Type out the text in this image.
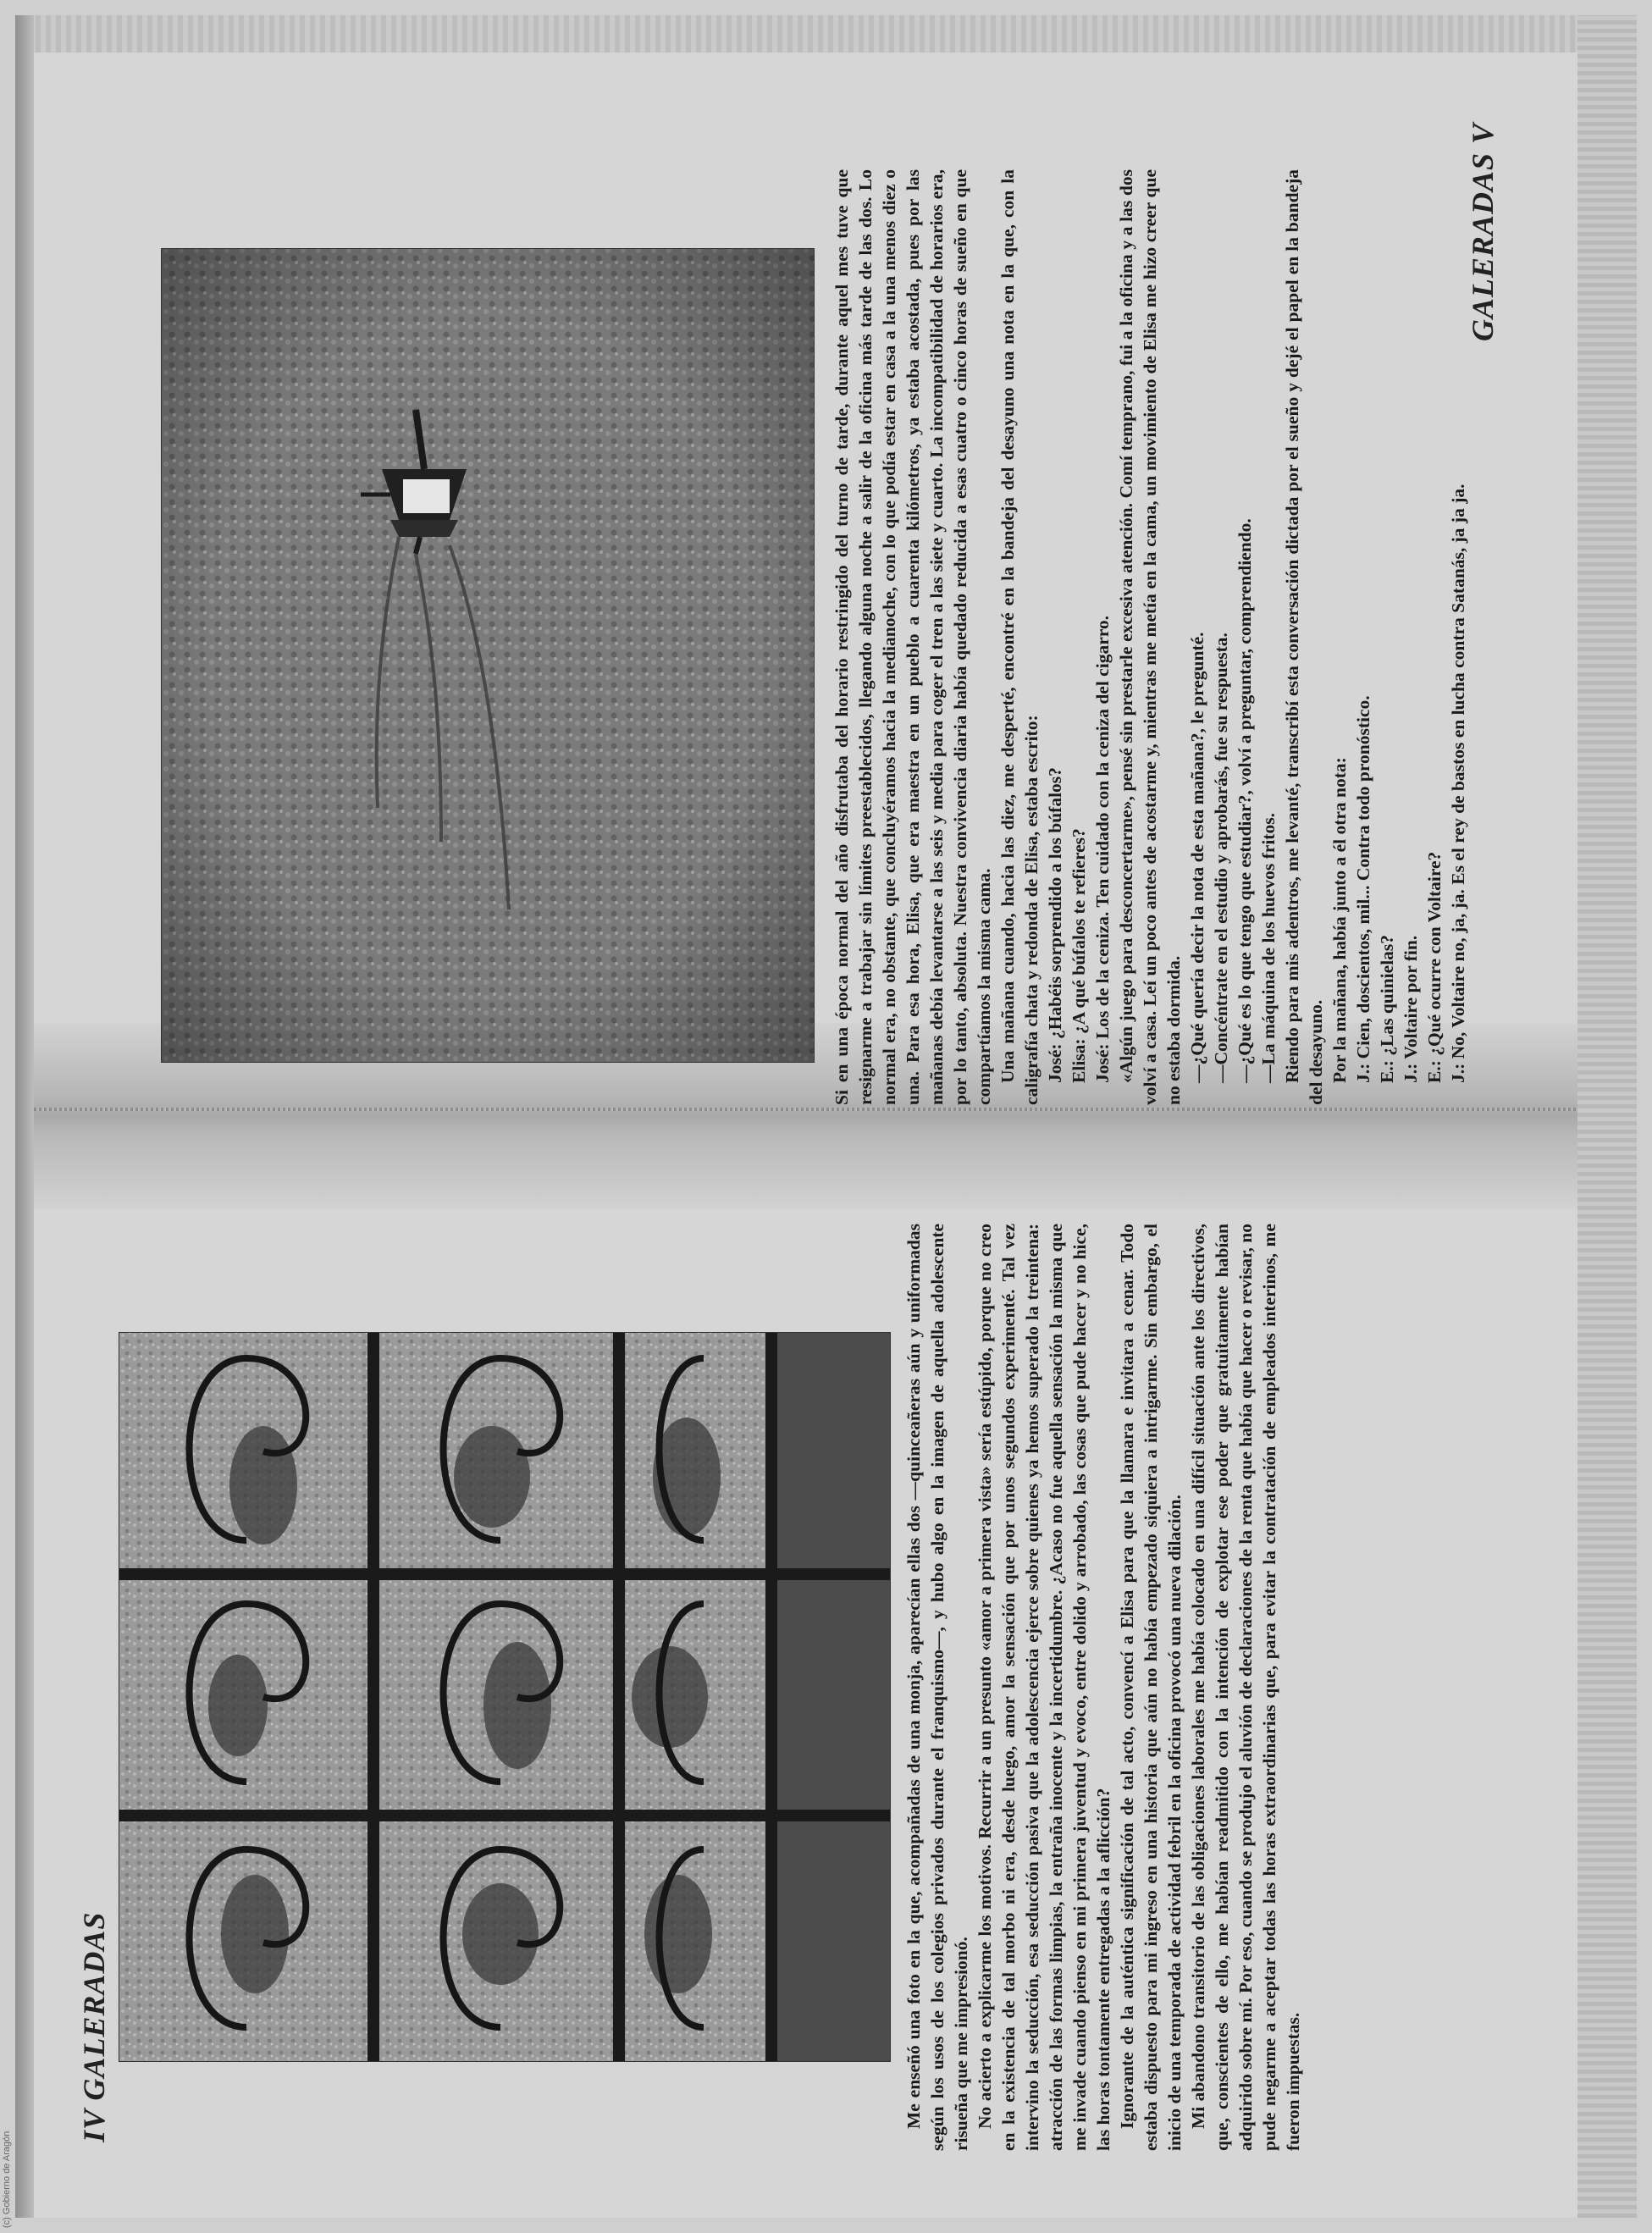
IV GALERADAS	Me enseñó una foto en la que, acompañadas de una monja, aparecían ellas dos —quinceañeras aún y uniformadas según los usos de los colegios privados durante el franquismo—, y hubo algo en la imagen de aquella adolescente risueña que me impresionó. No acierto a explicarme los motivos. Recurrir a un presunto «amor a primera vista» sería estúpido, porque no creo en la existencia de tal morbo ni era, desde luego, amor la sensación que por unos segundos experimenté. Tal vez intervino la seducción, esa seducción pasiva que la adolescencia ejerce sobre quienes ya hemos superado la treintena: atracción de las formas limpias, la entraña inocente y la incertidumbre. ¿Acaso no fue aquella sensación la misma que me invade cuando pienso en mi primera juventud y evoco, entre dolido y arrobado, las cosas que pude hacer y no hice, las horas tontamente entregadas a la aflicción? Ignorante de la auténtica significación de tal acto, convencí a Elisa para que la llamara e invitara a cenar. Todo estaba dispuesto para mi ingreso en una historia que aún no había empezado siquiera a intrigarme. Sin embargo, el inicio de una temporada de actividad febril en la oficina provocó una nueva dilación. Mi abandono transitorio de las obligaciones laborales me había colocado en una difícil situación ante los directivos, que, conscientes de ello, me habían readmitido con la intención de explotar ese poder que gratuitamente habían adquirido sobre mí. Por eso, cuando se produjo el aluvión de declaraciones de la renta que había que hacer o revisar, no pude negarme a aceptar todas las horas extraordinarias que, para evitar la contratación de empleados interinos, me fueron impuestas.

GALERADAS V

Si en una época normal del año disfrutaba del horario restringido del turno de tarde, durante aquel mes tuve que resignarme a trabajar sin límites preestablecidos, llegando alguna noche a salir de la oficina más tarde de las dos. Lo normal era, no obstante, que concluyéramos hacia la medianoche, con lo que podía estar en casa a la una menos diez o una. Para esa hora, Elisa, que era maestra en un pueblo a cuarenta kilómetros, ya estaba acostada, pues por las mañanas debía levantarse a las seis y media para coger el tren a las siete y cuarto. La incompatibilidad de horarios era, por lo tanto, absoluta. Nuestra convivencia diaria había quedado reducida a esas cuatro o cinco horas de sueño en que compartíamos la misma cama. Una mañana cuando, hacia las diez, me desperté, encontré en la bandeja del desayuno una nota en la que, con la caligrafía chata y redonda de Elisa, estaba escrito: José: ¿Habéis sorprendido a los búfalos? Elisa: ¿A qué búfalos te refieres? José: Los de la ceniza. Ten cuidado con la ceniza del cigarro. «Algún juego para desconcertarme», pensé sin prestarle excesiva atención. Comí temprano, fui a la oficina y a las dos volví a casa. Leí un poco antes de acostarme y, mientras me metía en la cama, un movimiento de Elisa me hizo creer que no estaba dormida. —¿Qué quería decir la nota de esta mañana?, le pregunté. —Concéntrate en el estudio y aprobarás, fue su respuesta. —¿Qué es lo que tengo que estudiar?, volví a preguntar, comprendiendo. —La máquina de los huevos fritos. Riendo para mis adentros, me levanté, transcribí esta conversación dictada por el sueño y dejé el papel en la bandeja del desayuno. Por la mañana, había junto a él otra nota: J.: Cien, doscientos, mil... Contra todo pronóstico. E.: ¿Las quinielas? J.: Voltaire por fin. E.: ¿Qué ocurre con Voltaire? J.: No, Voltaire no, ja, ja. Es el rey de bastos en lucha contra Satanás, ja ja ja.

(c) Gobierno de Aragón
